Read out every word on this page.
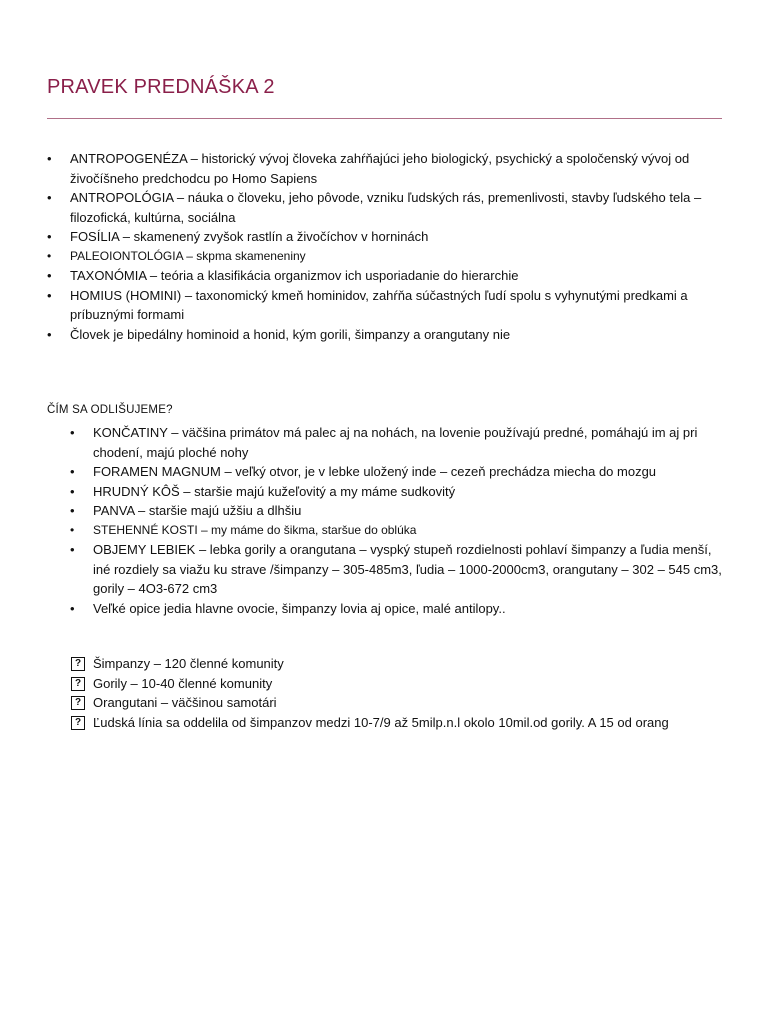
PRAVEK PREDNÁŠKA 2
•	ANTROPOGENÉZA – historický vývoj človeka zahŕňajúci jeho biologický, psychický a spoločenský vývoj od živočíšneho predchodcu po Homo Sapiens
•	ANTROPOLÓGIA – náuka o človeku, jeho pôvode, vzniku ľudských rás, premenlivosti, stavby ľudského tela – filozofická, kultúrna, sociálna
•	FOSÍLIA – skamenený zvyšok rastlín a živočíchov v horninách
•	PALEOIONTOLÓGIA – skpma skameneniny
•	TAXONÓMIA – teória a klasifikácia organizmov ich usporiadanie do hierarchie
•	HOMIUS (HOMINI) – taxonomický kmeň hominidov, zahŕňa súčastných ľudí spolu s vyhynutými predkami a príbuznými formami
•	Človek je bipedálny hominoid a honid, kým gorili, šimpanzy a orangutany nie
ČÍM SA ODLIŠUJEME?
•	KONČATINY – väčšina primátov má palec aj na nohách, na lovenie používajú predné, pomáhajú im aj pri chodení, majú ploché nohy
•	FORAMEN MAGNUM – veľký otvor, je v lebke uložený inde – cezeň prechádza miecha do mozgu
•	HRUDNÝ KÔŠ – staršie majú kužeľovitý a my máme sudkovitý
•	PANVA – staršie majú užšiu a dlhšiu
•	STEHENNÉ KOSTI – my máme do šikma, staršue do oblúka
•	OBJEMY LEBIEK – lebka gorily a orangutana – vyspký stupeň rozdielnosti pohlaví šimpanzy a ľudia menší, iné rozdiely sa viažu ku strave /šimpanzy – 305-485m3, ľudia – 1000-2000cm3, orangutany – 302 – 545 cm3, gorily – 4O3-672 cm3
•	Veľké opice jedia hlavne ovocie, šimpanzy lovia aj opice, malé antilopy..
? Šimpanzy – 120 členné komunity
? Gorily – 10-40 členné komunity
? Orangutani – väčšinou samotári
? Ľudská línia sa oddelila od šimpanzov medzi 10-7/9 až 5milp.n.l okolo 10mil.od gorily. A 15 od orang
